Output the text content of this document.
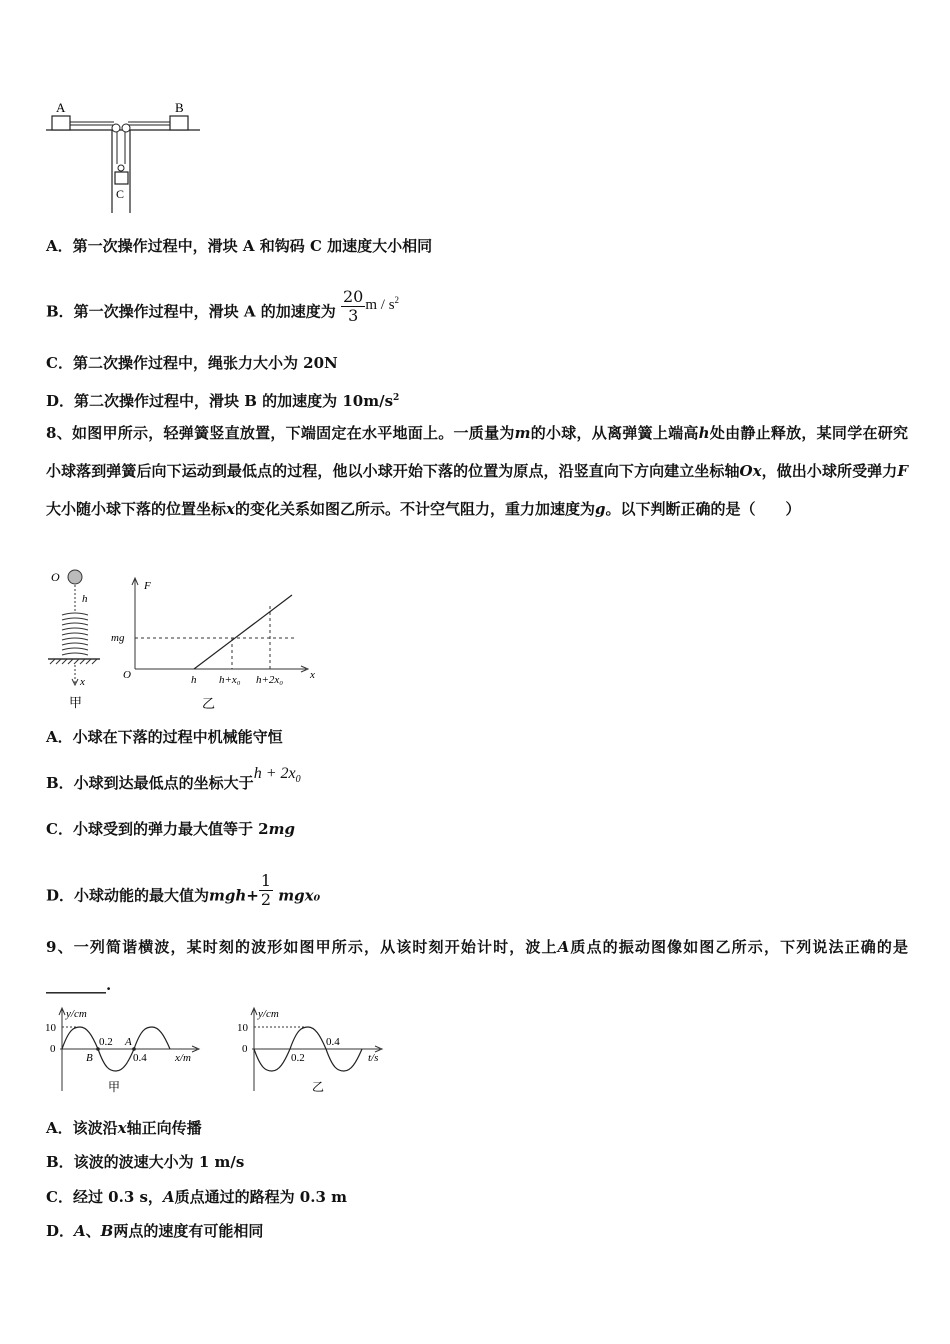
A	B
C
A．第一次操作过程中，滑块 A 和钩码 C 加速度大小相同
B．第一次操作过程中，滑块 A 的加速度为 $\frac{20}{3}$ m / $s^2$
C．第二次操作过程中，绳张力大小为 20N
D．第二次操作过程中，滑块 B 的加速度为 $10m/s^2$
8、如图甲所示，轻弹簧竖直放置，下端固定在水平地面上。一质量为m的小球，从离弹簧上端高h处由静止释放，某同学在研究小球落到弹簧后向下运动到最低点的过程，他以小球开始下落的位置为原点，沿竖直向下方向建立坐标轴Ox，做出小球所受弹力F大小随小球下落的位置坐标x的变化关系如图乙所示。不计空气阻力，重力加速度为g。以下判断正确的是（　　）
O
h
x
甲
F
x
O
mg
h h+x₀ h+2x₀
乙
A．小球在下落的过程中机械能守恒
B．小球到达最低点的坐标大于$h + 2x_0$
C．小球受到的弹力最大值等于 2mg
D．小球动能的最大值为$mgh+ \frac{1}{2} mgx_0$
9、一列简谐横波，某时刻的波形如图甲所示，从该时刻开始计时，波上A质点的振动图像如图乙所示，下列说法正确的是________.
y/cm
10
0
B
A
0.2
0.4	x/m
甲
y/cm
10
0
0.2
0.4
t/s
乙
A．该波沿x轴正向传播
B．该波的波速大小为 1 m/s
C．经过 0.3 s，A质点通过的路程为 0.3 m
D．A、B两点的速度有可能相同
